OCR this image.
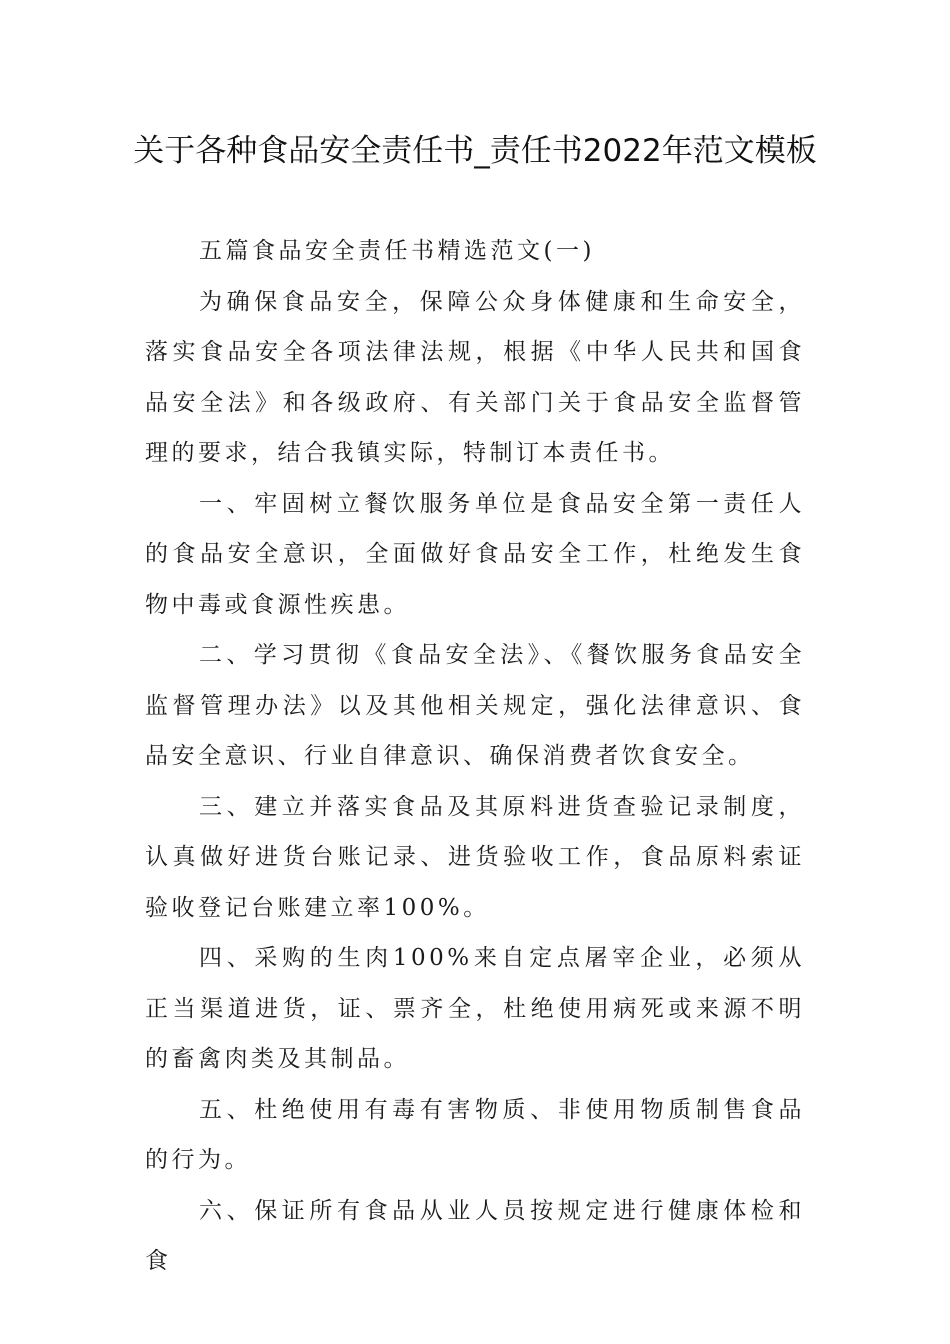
关于各种食品安全责任书_责任书2022年范文模板

五篇食品安全责任书精选范文(一)

为确保食品安全，保障公众身体健康和生命安全，落实食品安全各项法律法规，根据《中华人民共和国食品安全法》和各级政府、有关部门关于食品安全监督管理的要求，结合我镇实际，特制订本责任书。

一、牢固树立餐饮服务单位是食品安全第一责任人的食品安全意识，全面做好食品安全工作，杜绝发生食物中毒或食源性疾患。

二、学习贯彻《食品安全法》、《餐饮服务食品安全监督管理办法》以及其他相关规定，强化法律意识、食品安全意识、行业自律意识、确保消费者饮食安全。

三、建立并落实食品及其原料进货查验记录制度，认真做好进货台账记录、进货验收工作，食品原料索证验收登记台账建立率100%。

四、采购的生肉100%来自定点屠宰企业，必须从正当渠道进货，证、票齐全，杜绝使用病死或来源不明的畜禽肉类及其制品。

五、杜绝使用有毒有害物质、非使用物质制售食品的行为。

六、保证所有食品从业人员按规定进行健康体检和食
